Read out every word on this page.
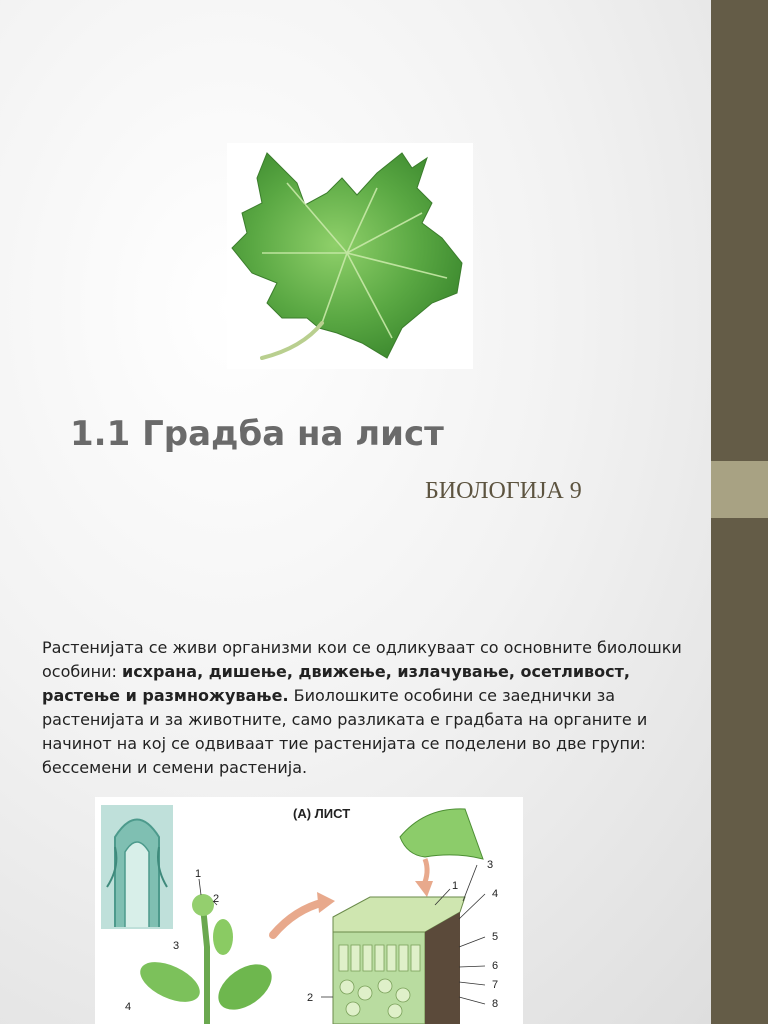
1.1 Градба на лист
БИОЛОГИЈА 9
Растенијата се живи организми кои се одликуваат со основните биолошки особини: исхрана, дишење, движење, излачување, осетливост, растење и размножување. Биолошките особини се заеднички за растенијата и за животните, само разликата е градбата на органите и начинот на кој се одвиваат тие растенијата се поделени во две групи: бессемени и семени растенија.
(А) ЛИСТ
1
2
3
4
2
1
3
4
5
6
7
8
